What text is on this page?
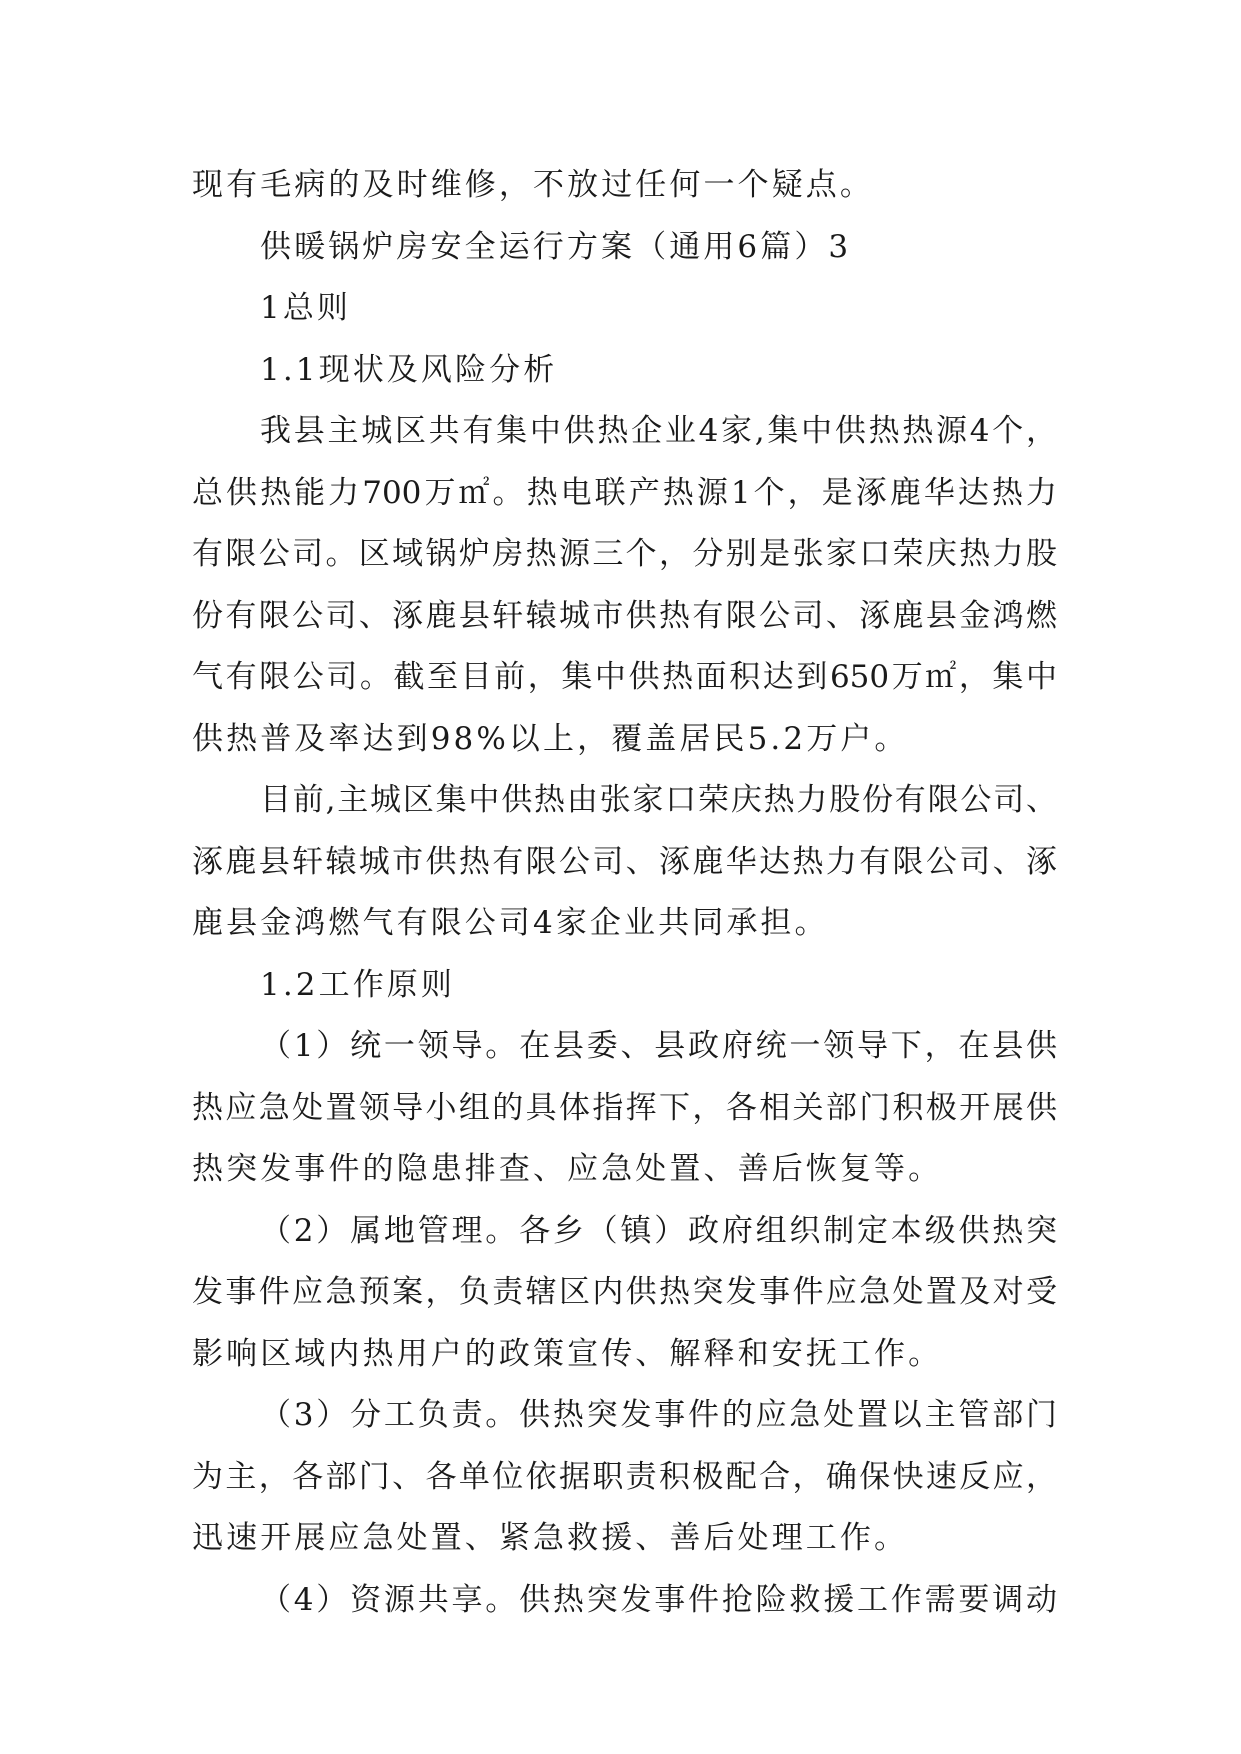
现有毛病的及时维修，不放过任何一个疑点。
供暖锅炉房安全运行方案（通用6篇）3
1总则
1.1现状及风险分析
我县主城区共有集中供热企业4家,集中供热热源4个，
总供热能力700万㎡。热电联产热源1个，是涿鹿华达热力
有限公司。区域锅炉房热源三个，分别是张家口荣庆热力股
份有限公司、涿鹿县轩辕城市供热有限公司、涿鹿县金鸿燃
气有限公司。截至目前，集中供热面积达到650万㎡，集中
供热普及率达到98%以上，覆盖居民5.2万户。
目前,主城区集中供热由张家口荣庆热力股份有限公司、
涿鹿县轩辕城市供热有限公司、涿鹿华达热力有限公司、涿
鹿县金鸿燃气有限公司4家企业共同承担。
1.2工作原则
（1）统一领导。在县委、县政府统一领导下，在县供
热应急处置领导小组的具体指挥下，各相关部门积极开展供
热突发事件的隐患排查、应急处置、善后恢复等。
（2）属地管理。各乡（镇）政府组织制定本级供热突
发事件应急预案，负责辖区内供热突发事件应急处置及对受
影响区域内热用户的政策宣传、解释和安抚工作。
（3）分工负责。供热突发事件的应急处置以主管部门
为主，各部门、各单位依据职责积极配合，确保快速反应，
迅速开展应急处置、紧急救援、善后处理工作。
（4）资源共享。供热突发事件抢险救援工作需要调动
